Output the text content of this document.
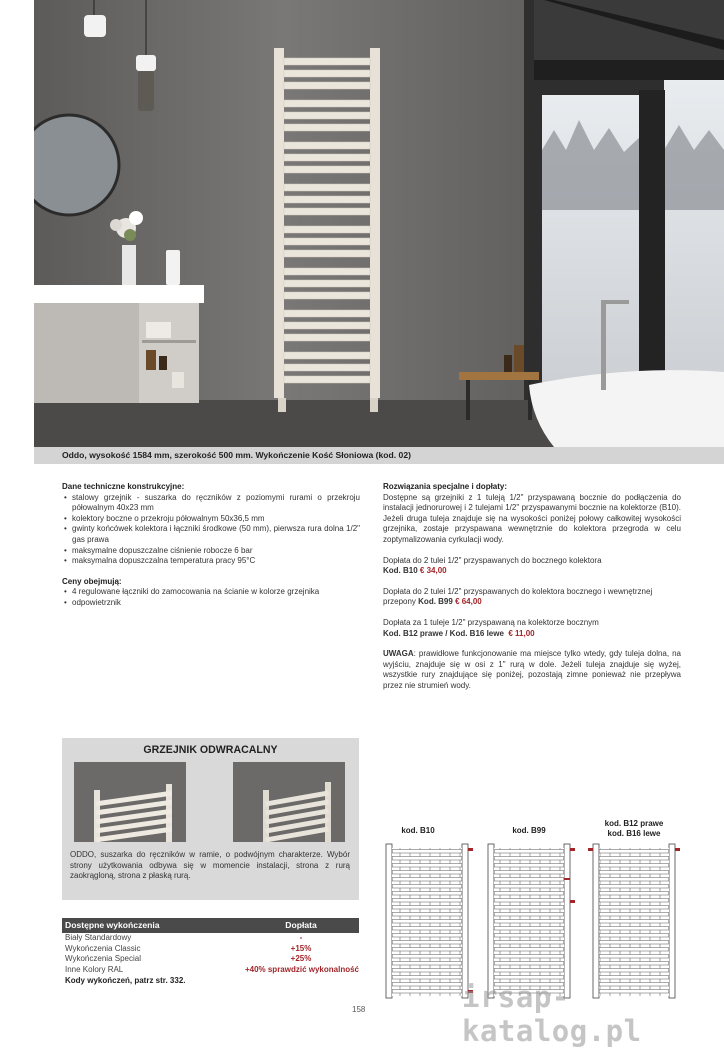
Oddo, wysokość 1584 mm, szerokość 500 mm. Wykończenie Kość Słoniowa (kod. 02)
Dane techniczne konstrukcyjne:
• stalowy grzejnik - suszarka do ręczników z poziomymi rurami o przekroju półowalnym 40x23 mm
• kolektory boczne o przekroju półowalnym 50x36,5 mm
• gwinty końcówek kolektora i łączniki środkowe (50 mm), pierwsza rura dolna 1/2" gas prawa
• maksymalne dopuszczalne ciśnienie robocze 6 bar
• maksymalna dopuszczalna temperatura pracy 95°C
Ceny obejmują:
• 4 regulowane łączniki do zamocowania na ścianie w kolorze grzejnika
• odpowietrznik
Rozwiązania specjalne i dopłaty:
Dostępne są grzejniki z 1 tuleją 1/2" przyspawaną bocznie do podłączenia do instalacji jednorurowej i 2 tulejami 1/2" przyspawanymi bocznie na kolektorze (B10). Jeżeli druga tuleja znajduje się na wysokości poniżej połowy całkowitej wysokości grzejnika, zostaje przyspawana wewnętrznie do kolektora przegroda w celu zoptymalizowania cyrkulacji wody.
Dopłata do 2 tulei 1/2" przyspawanych do bocznego kolektora
Kod. B10 € 34,00
Dopłata do 2 tulei 1/2" przyspawanych do kolektora bocznego i wewnętrznej przepony Kod. B99 € 64,00
Dopłata za 1 tuleje 1/2" przyspawaną na kolektorze bocznym
Kod. B12 prawe / Kod. B16 lewe € 11,00
UWAGA: prawidłowe funkcjonowanie ma miejsce tylko wtedy, gdy tuleja dolna, na wyjściu, znajduje się w osi z 1" rurą w dole. Jeżeli tuleja znajduje się wyżej, wszystkie rury znajdujące się poniżej, pozostają zimne ponieważ nie przepływa przez nie strumień wody.
GRZEJNIK ODWRACALNY
ODDO, suszarka do ręczników w ramie, o podwójnym charakterze. Wybór strony użytkowania odbywa się w momencie instalacji, strona z rurą zaokrągloną, strona z płaską rurą.
Dostępne wykończenia	Dopłata
Biały Standardowy	-
Wykończenia Classic	+15%
Wykończenia Special	+25%
Inne Kolory RAL	+40% sprawdzić wykonalność
Kody wykończeń, patrz str. 332.
kod. B10	kod. B99
kod. B12 prawe
kod. B16 lewe
158	irsap-katalog.pl
